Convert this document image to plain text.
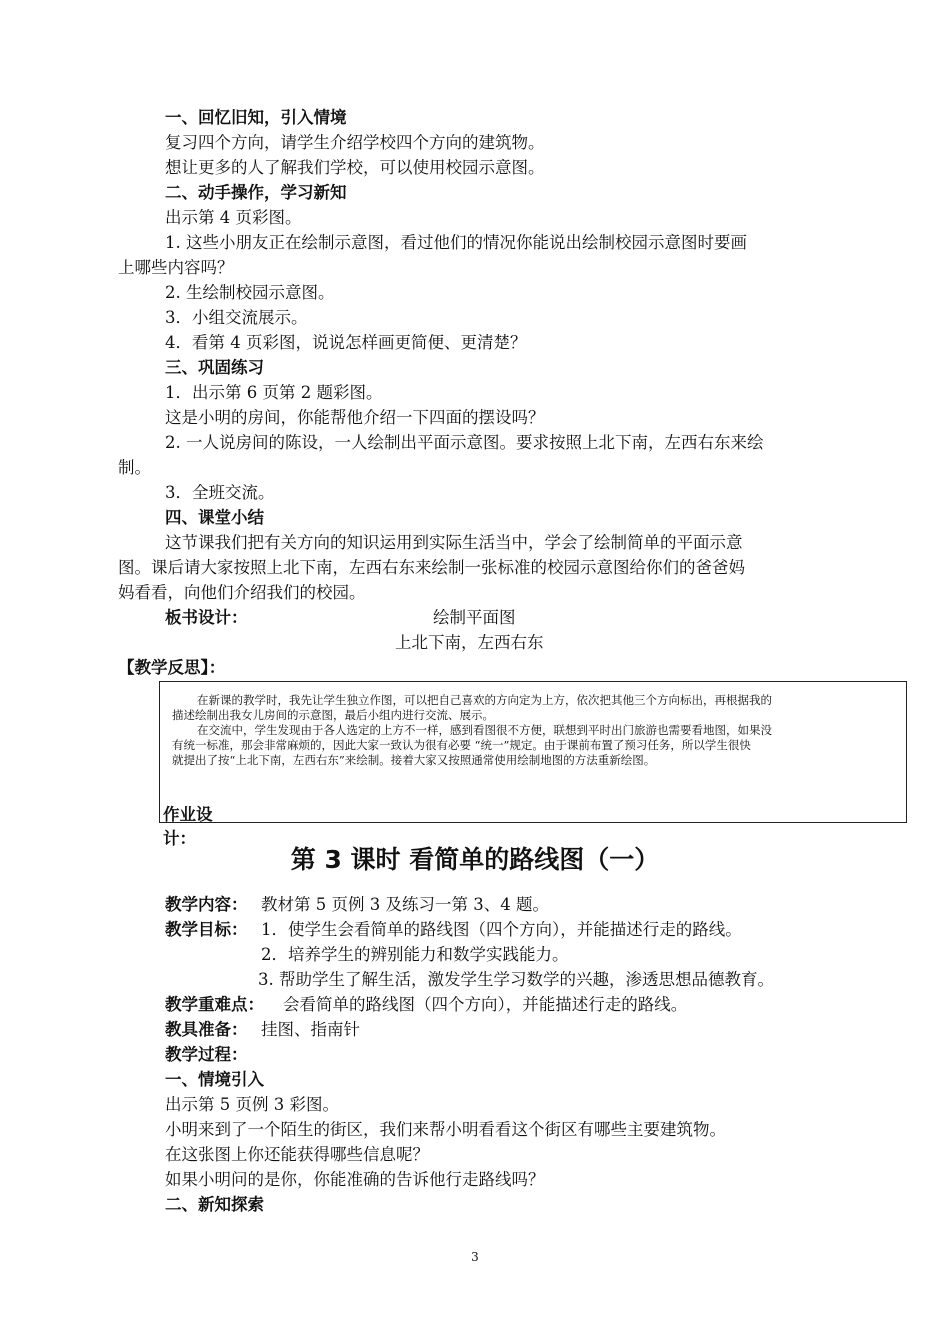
一、回忆旧知，引入情境
复习四个方向，请学生介绍学校四个方向的建筑物。
想让更多的人了解我们学校，可以使用校园示意图。
二、动手操作，学习新知
出示第 4 页彩图。
1. 这些小朋友正在绘制示意图，看过他们的情况你能说出绘制校园示意图时要画
上哪些内容吗？
2. 生绘制校园示意图。
3．小组交流展示。
4．看第 4 页彩图，说说怎样画更简便、更清楚？
三、巩固练习
1．出示第 6 页第 2 题彩图。
这是小明的房间，你能帮他介绍一下四面的摆设吗？
2. 一人说房间的陈设，一人绘制出平面示意图。要求按照上北下南，左西右东来绘
制。
3．全班交流。
四、课堂小结
这节课我们把有关方向的知识运用到实际生活当中，学会了绘制简单的平面示意
图。课后请大家按照上北下南，左西右东来绘制一张标准的校园示意图给你们的爸爸妈
妈看看，向他们介绍我们的校园。
板书设计：	绘制平面图
上北下南，左西右东
【教学反思】：
作业设计：

在新课的教学时，我先让学生独立作图，可以把自己喜欢的方向定为上方，依次把其他三个方向标出，再根据我的

描述绘制出我女儿房间的示意图，最后小组内进行交流、展示。

在交流中，学生发现由于各人选定的上方不一样，感到看图很不方便，联想到平时出门旅游也需要看地图，如果没

有统一标准，那会非常麻烦的，因此大家一致认为很有必要 “统一”规定。由于课前布置了预习任务，所以学生很快

就提出了按“上北下南，左西右东”来绘制。接着大家又按照通常使用绘制地图的方法重新绘图。

第 3 课时 看简单的路线图（一）
教学内容： 教材第 5 页例 3 及练习一第 3、4 题。
教学目标： 1．使学生会看简单的路线图（四个方向），并能描述行走的路线。
2．培养学生的辨别能力和数学实践能力。
3. 帮助学生了解生活，激发学生学习数学的兴趣，渗透思想品德教育。
教学重难点： 会看简单的路线图（四个方向），并能描述行走的路线。
教具准备： 挂图、指南针
教学过程：
一、情境引入
出示第 5 页例 3 彩图。
小明来到了一个陌生的街区，我们来帮小明看看这个街区有哪些主要建筑物。
在这张图上你还能获得哪些信息呢？
如果小明问的是你，你能准确的告诉他行走路线吗？
二、新知探索
3
